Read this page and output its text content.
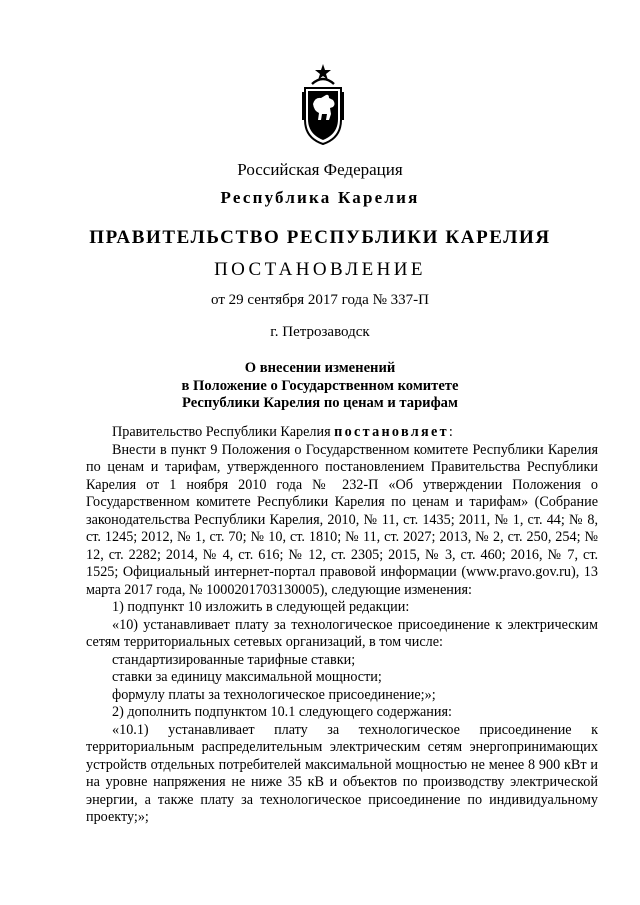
Российская Федерация
Республика Карелия
ПРАВИТЕЛЬСТВО РЕСПУБЛИКИ КАРЕЛИЯ
ПОСТАНОВЛЕНИЕ
от 29 сентября 2017 года № 337-П
г. Петрозаводск
О внесении изменений
в Положение о Государственном комитете
Республики Карелия по ценам и тарифам

Правительство Республики Карелия постановляет:

Внести в пункт 9 Положения о Государственном комитете Республики Карелия по ценам и тарифам, утвержденного постановлением Правительства Республики Карелия от 1 ноября 2010 года № 232-П «Об утверждении Положения о Государственном комитете Республики Карелия по ценам и тарифам» (Собрание законодательства Республики Карелия, 2010, № 11, ст. 1435; 2011, № 1, ст. 44; № 8, ст. 1245; 2012, № 1, ст. 70; № 10, ст. 1810; № 11, ст. 2027; 2013, № 2, ст. 250, 254; № 12, ст. 2282; 2014, № 4, ст. 616; № 12, ст. 2305; 2015, № 3, ст. 460; 2016, № 7, ст. 1525; Официальный интернет-портал правовой информации (www.pravo.gov.ru), 13 марта 2017 года, № 1000201703130005), следующие изменения:

1) подпункт 10 изложить в следующей редакции:

«10) устанавливает плату за технологическое присоединение к электрическим сетям территориальных сетевых организаций, в том числе:

стандартизированные тарифные ставки;

ставки за единицу максимальной мощности;

формулу платы за технологическое присоединение;»;

2) дополнить подпунктом 10.1 следующего содержания:

«10.1) устанавливает плату за технологическое присоединение к территориальным распределительным электрическим сетям энергопринимающих устройств отдельных потребителей максимальной мощностью не менее 8 900 кВт и на уровне напряжения не ниже 35 кВ и объектов по производству электрической энергии, а также плату за технологическое присоединение по индивидуальному проекту;»;
